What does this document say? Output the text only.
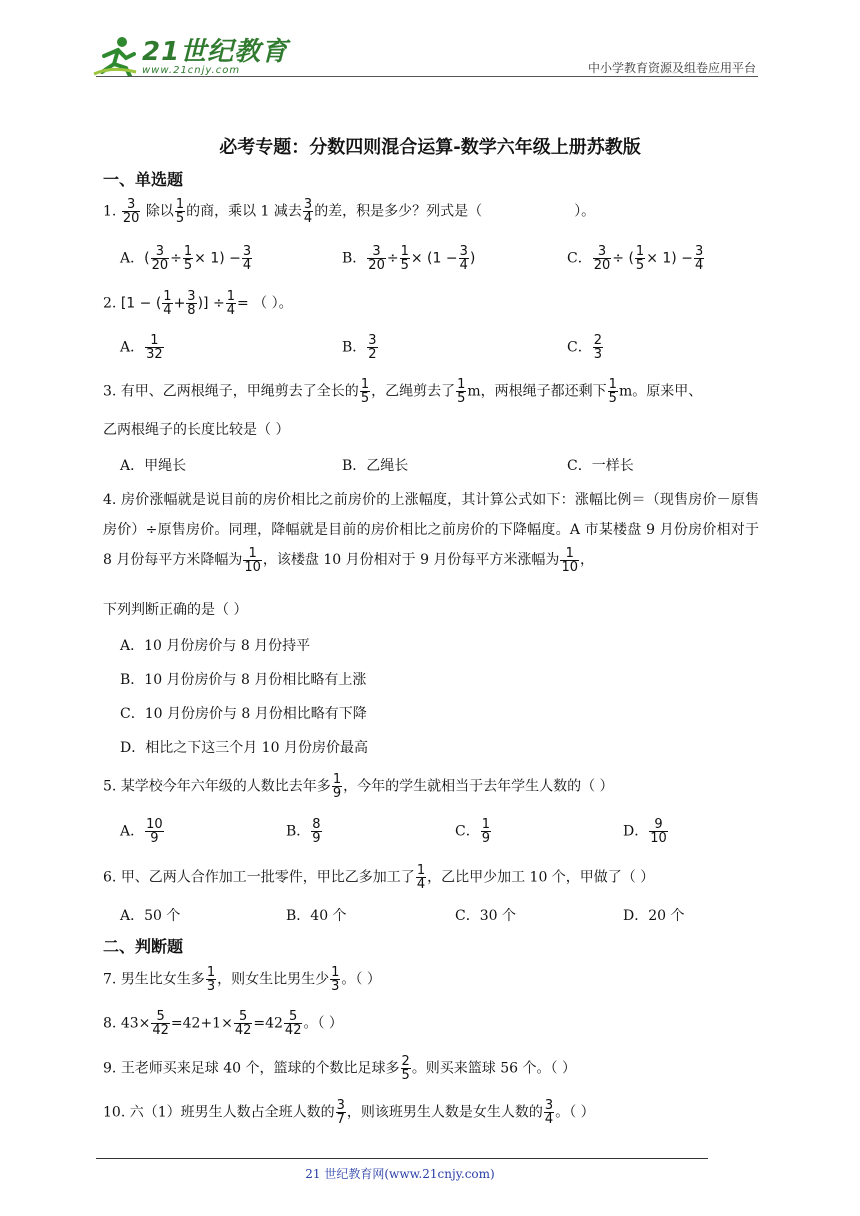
21世纪教育
www.21cnjy.com	中小学教育资源及组卷应用平台
必考专题：分数四则混合运算-数学六年级上册苏教版
一、单选题
1. $\frac{3}{20}$ 除以 $\frac{1}{5}$ 的商，乘以 1 减去 $\frac{3}{4}$ 的差，积是多少？列式是（	）。
A．( $\frac{3}{20} \div \frac{1}{5} \times 1) - \frac{3}{4}$	B． $\frac{3}{20} \div \frac{1}{5} \times (1 - \frac{3}{4}$ )	C． $\frac{3}{20}$ ÷ ( $\frac{1}{5} \times 1) - \frac{3}{4}$
2. [1 − ( $\frac{1}{4} + \frac{3}{8}$ )] ÷ $\frac{1}{4}$ = （ ）。
A． $\frac{1}{32}$	B． $\frac{3}{2}$	C． $\frac{2}{3}$
3. 有甲、乙两根绳子，甲绳剪去了全长的 $\frac{1}{5}$ ，乙绳剪去了 $\frac{1}{5}$ m，两根绳子都还剩下 $\frac{1}{5}$ m。原来甲、
乙两根绳子的长度比较是（ ）
A．甲绳长	B．乙绳长	C．一样长
4. 房价涨幅就是说目前的房价相比之前房价的上涨幅度，其计算公式如下：涨幅比例＝（现售房价－原售房价）÷原售房价。同理，降幅就是目前的房价相比之前房价的下降幅度。A 市某楼盘 9 月份房价相对于 8 月份每平方米降幅为 $\frac{1}{10}$ ，该楼盘 10 月份相对于 9 月份每平方米涨幅为 $\frac{1}{10}$ ，
下列判断正确的是（ ）
A．10 月份房价与 8 月份持平
B．10 月份房价与 8 月份相比略有上涨
C．10 月份房价与 8 月份相比略有下降
D．相比之下这三个月 10 月份房价最高
5. 某学校今年六年级的人数比去年多 $\frac{1}{9}$ ，今年的学生就相当于去年学生人数的（ ）
A． $\frac{10}{9}$	B． $\frac{8}{9}$	C． $\frac{1}{9}$	D． $\frac{9}{10}$
6. 甲、乙两人合作加工一批零件，甲比乙多加工了 $\frac{1}{4}$ ，乙比甲少加工 10 个，甲做了（ ）
A．50 个	B．40 个	C．30 个	D．20 个
二、判断题
7. 男生比女生多 $\frac{1}{3}$ ，则女生比男生少 $\frac{1}{3}$ 。（ ）
8. $43\times \frac{5}{42} =42+1\times \frac{5}{42} =42 \frac{5}{42}$ 。（ ）
9. 王老师买来足球 40 个，篮球的个数比足球多 $\frac{2}{5}$ 。则买来篮球 56 个。（ ）
10. 六（1）班男生人数占全班人数的 $\frac{3}{7}$ ，则该班男生人数是女生人数的 $\frac{3}{4}$ 。（ ）
21 世纪教育网(www.21cnjy.com)
